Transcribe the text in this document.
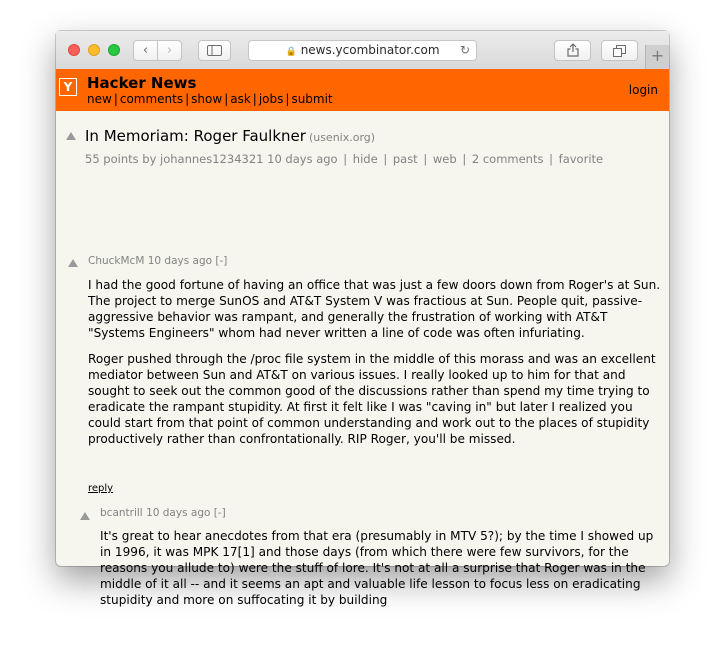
‹	›	🔒 news.ycombinator.com ↻	+
Y Hacker News
new | comments | show | ask | jobs | submit
login
In Memoriam: Roger Faulkner (usenix.org)
55 points by johannes1234321 10 days ago | hide | past | web | 2 comments | favorite
ChuckMcM 10 days ago [-]

I had the good fortune of having an office that was just a few doors down from Roger's at Sun. The project to merge SunOS and AT&T System V was fractious at Sun. People quit, passive-aggressive behavior was rampant, and generally the frustration of working with AT&T "Systems Engineers" whom had never written a line of code was often infuriating.

Roger pushed through the /proc file system in the middle of this morass and was an excellent mediator between Sun and AT&T on various issues. I really looked up to him for that and sought to seek out the common good of the discussions rather than spend my time trying to eradicate the rampant stupidity. At first it felt like I was "caving in" but later I realized you could start from that point of common understanding and work out to the places of stupidity productively rather than confrontationally. RIP Roger, you'll be missed.

reply
bcantrill 10 days ago [-]

It's great to hear anecdotes from that era (presumably in MTV 5?); by the time I showed up in 1996, it was MPK 17[1] and those days (from which there were few survivors, for the reasons you allude to) were the stuff of lore. It's not at all a surprise that Roger was in the middle of it all -- and it seems an apt and valuable life lesson to focus less on eradicating stupidity and more on suffocating it by building
